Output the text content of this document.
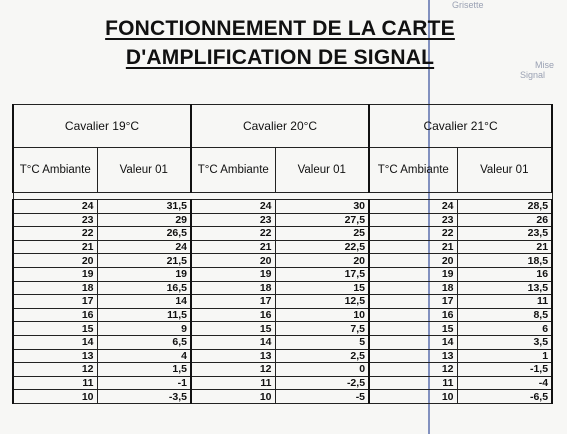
Grisette
Mise
Signal
FONCTIONNEMENT DE LA CARTE
D'AMPLIFICATION DE SIGNAL
Cavalier 19°C		Cavalier 20°C		Cavalier 21°C	
T°C Ambiante	Valeur 01	T°C Ambiante	Valeur 01	T°C Ambiante	Valeur 01

24	31,5	24	30	24	28,5
23	29	23	27,5	23	26
22	26,5	22	25	22	23,5
21	24	21	22,5	21	21
20	21,5	20	20	20	18,5
19	19	19	17,5	19	16
18	16,5	18	15	18	13,5
17	14	17	12,5	17	11
16	11,5	16	10	16	8,5
15	9	15	7,5	15	6
14	6,5	14	5	14	3,5
13	4	13	2,5	13	1
12	1,5	12	0	12	-1,5
11	-1	11	-2,5	11	-4
10	-3,5	10	-5	10	-6,5
